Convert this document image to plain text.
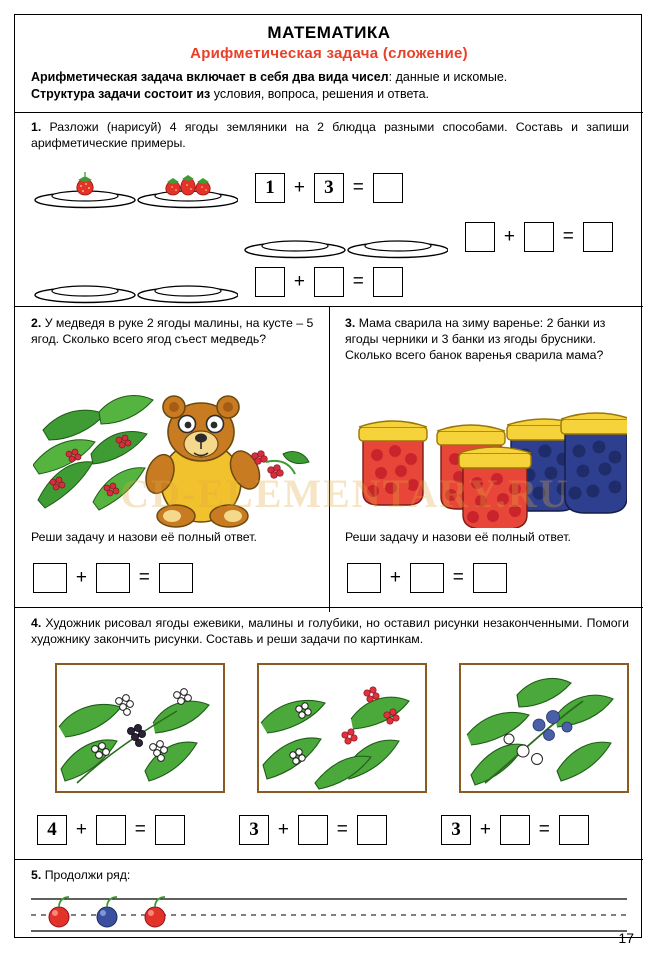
МАТЕМАТИКА
Арифметическая задача (сложение)
Арифметическая задача включает в себя два вида чисел: данные и искомые.
Структура задачи состоит из условия, вопроса, решения и ответа.
1. Разложи (нарисуй) 4 ягоды земляники на 2 блюдца разными способами. Составь и запиши арифметические примеры.
1 + 3 =
+	=
+	=
2. У медведя в руке 2 ягоды малины, на кусте – 5 ягод. Сколько всего ягод съест медведь?
3. Мама сварила на зиму варенье: 2 банки из ягоды черники и 3 банки из ягоды брусники. Сколько всего банок варенья сварила мама?
CD-ELEMENTARY.RU
Реши задачу и назови её полный ответ.	Реши задачу и назови её полный ответ.
+	=	+	=
4. Художник рисовал ягоды ежевики, малины и голубики, но оставил рисунки незаконченными. Помоги художнику закончить рисунки. Составь и реши задачи по картинкам.
4 +	=	3 +	=	3 +	=
5. Продолжи ряд:
17
